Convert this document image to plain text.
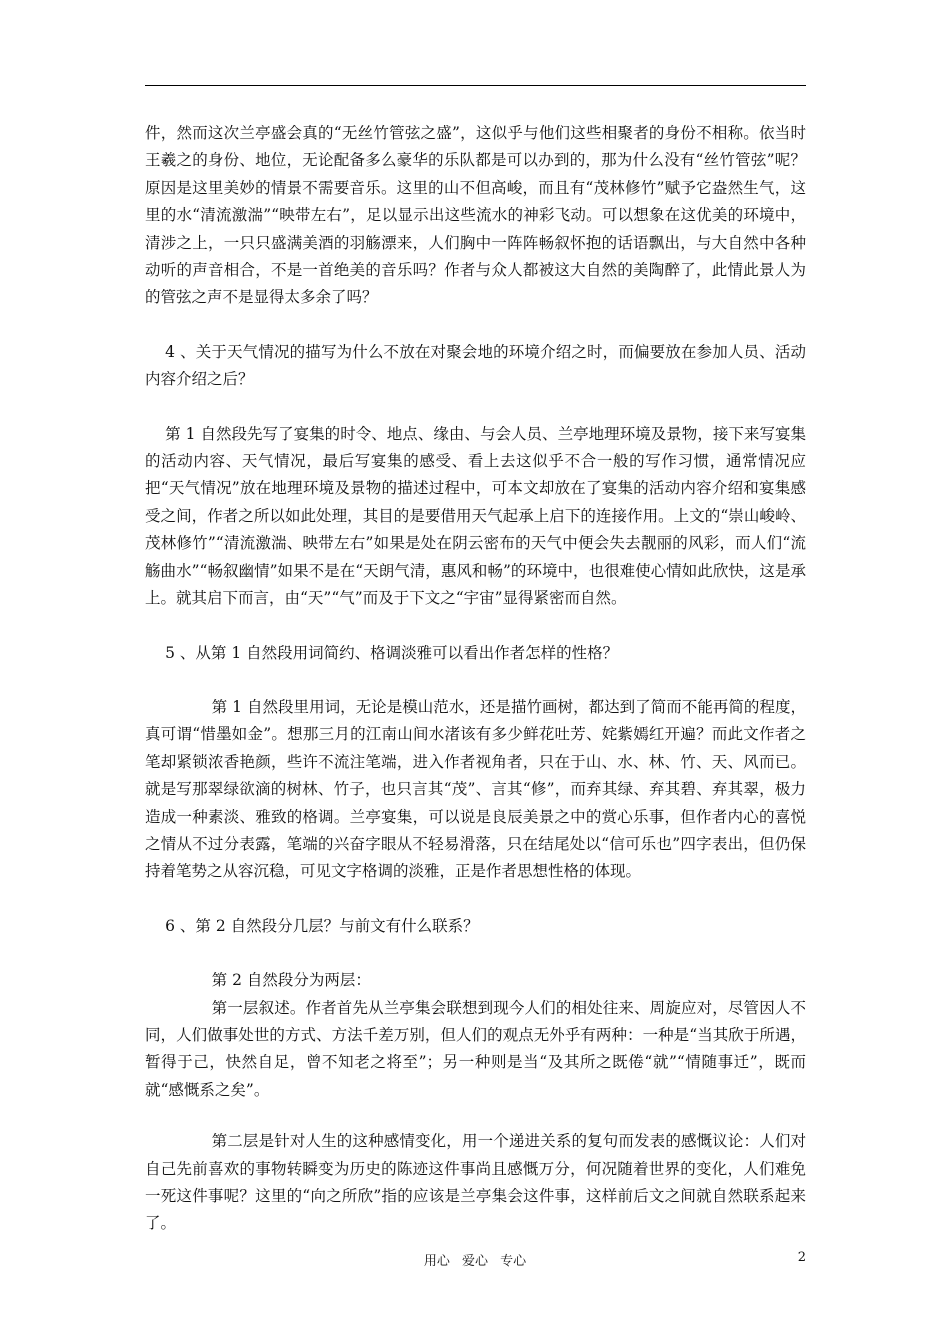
件，然而这次兰亭盛会真的“无丝竹管弦之盛”，这似乎与他们这些相聚者的身份不相称。依当时王羲之的身份、地位，无论配备多么豪华的乐队都是可以办到的，那为什么没有“丝竹管弦”呢？原因是这里美妙的情景不需要音乐。这里的山不但高峻，而且有“茂林修竹”赋予它盎然生气，这里的水“清流激湍”“映带左右”，足以显示出这些流水的神彩飞动。可以想象在这优美的环境中，清涉之上，一只只盛满美酒的羽觞漂来，人们胸中一阵阵畅叙怀抱的话语飘出，与大自然中各种动听的声音相合，不是一首绝美的音乐吗？作者与众人都被这大自然的美陶醉了，此情此景人为的管弦之声不是显得太多余了吗？

4 、关于天气情况的描写为什么不放在对聚会地的环境介绍之时，而偏要放在参加人员、活动内容介绍之后？

第 1 自然段先写了宴集的时令、地点、缘由、与会人员、兰亭地理环境及景物，接下来写宴集的活动内容、天气情况，最后写宴集的感受、看上去这似乎不合一般的写作习惯，通常情况应把“天气情况”放在地理环境及景物的描述过程中，可本文却放在了宴集的活动内容介绍和宴集感受之间，作者之所以如此处理，其目的是要借用天气起承上启下的连接作用。上文的“崇山峻岭、茂林修竹”“清流激湍、映带左右”如果是处在阴云密布的天气中便会失去靓丽的风彩，而人们“流觞曲水”“畅叙幽情”如果不是在“天朗气清，惠风和畅”的环境中，也很难使心情如此欣快，这是承上。就其启下而言，由“天”“气”而及于下文之“宇宙”显得紧密而自然。

5 、从第 1 自然段用词简约、格调淡雅可以看出作者怎样的性格？

第 1 自然段里用词，无论是模山范水，还是描竹画树，都达到了简而不能再简的程度，真可谓“惜墨如金”。想那三月的江南山间水渚该有多少鲜花吐芳、姹紫嫣红开遍？而此文作者之笔却紧锁浓香艳颜，些许不流注笔端，进入作者视角者，只在于山、水、林、竹、天、风而已。就是写那翠绿欲滴的树林、竹子，也只言其“茂”、言其“修”，而弃其绿、弃其碧、弃其翠，极力造成一种素淡、雅致的格调。兰亭宴集，可以说是良辰美景之中的赏心乐事，但作者内心的喜悦之情从不过分表露，笔端的兴奋字眼从不轻易滑落，只在结尾处以“信可乐也”四字表出，但仍保持着笔势之从容沉稳，可见文字格调的淡雅，正是作者思想性格的体现。

6 、第 2 自然段分几层？与前文有什么联系？

第 2 自然段分为两层：

第一层叙述。作者首先从兰亭集会联想到现今人们的相处往来、周旋应对，尽管因人不同，人们做事处世的方式、方法千差万别，但人们的观点无外乎有两种：一种是“当其欣于所遇，暂得于己，快然自足，曾不知老之将至”；另一种则是当“及其所之既倦“就”“情随事迁”，既而就“感慨系之矣”。

第二层是针对人生的这种感情变化，用一个递进关系的复句而发表的感慨议论：人们对自己先前喜欢的事物转瞬变为历史的陈迹这件事尚且感慨万分，何况随着世界的变化，人们难免一死这件事呢？这里的“向之所欣”指的应该是兰亭集会这件事，这样前后文之间就自然联系起来了。

用心 爱心 专心	2
